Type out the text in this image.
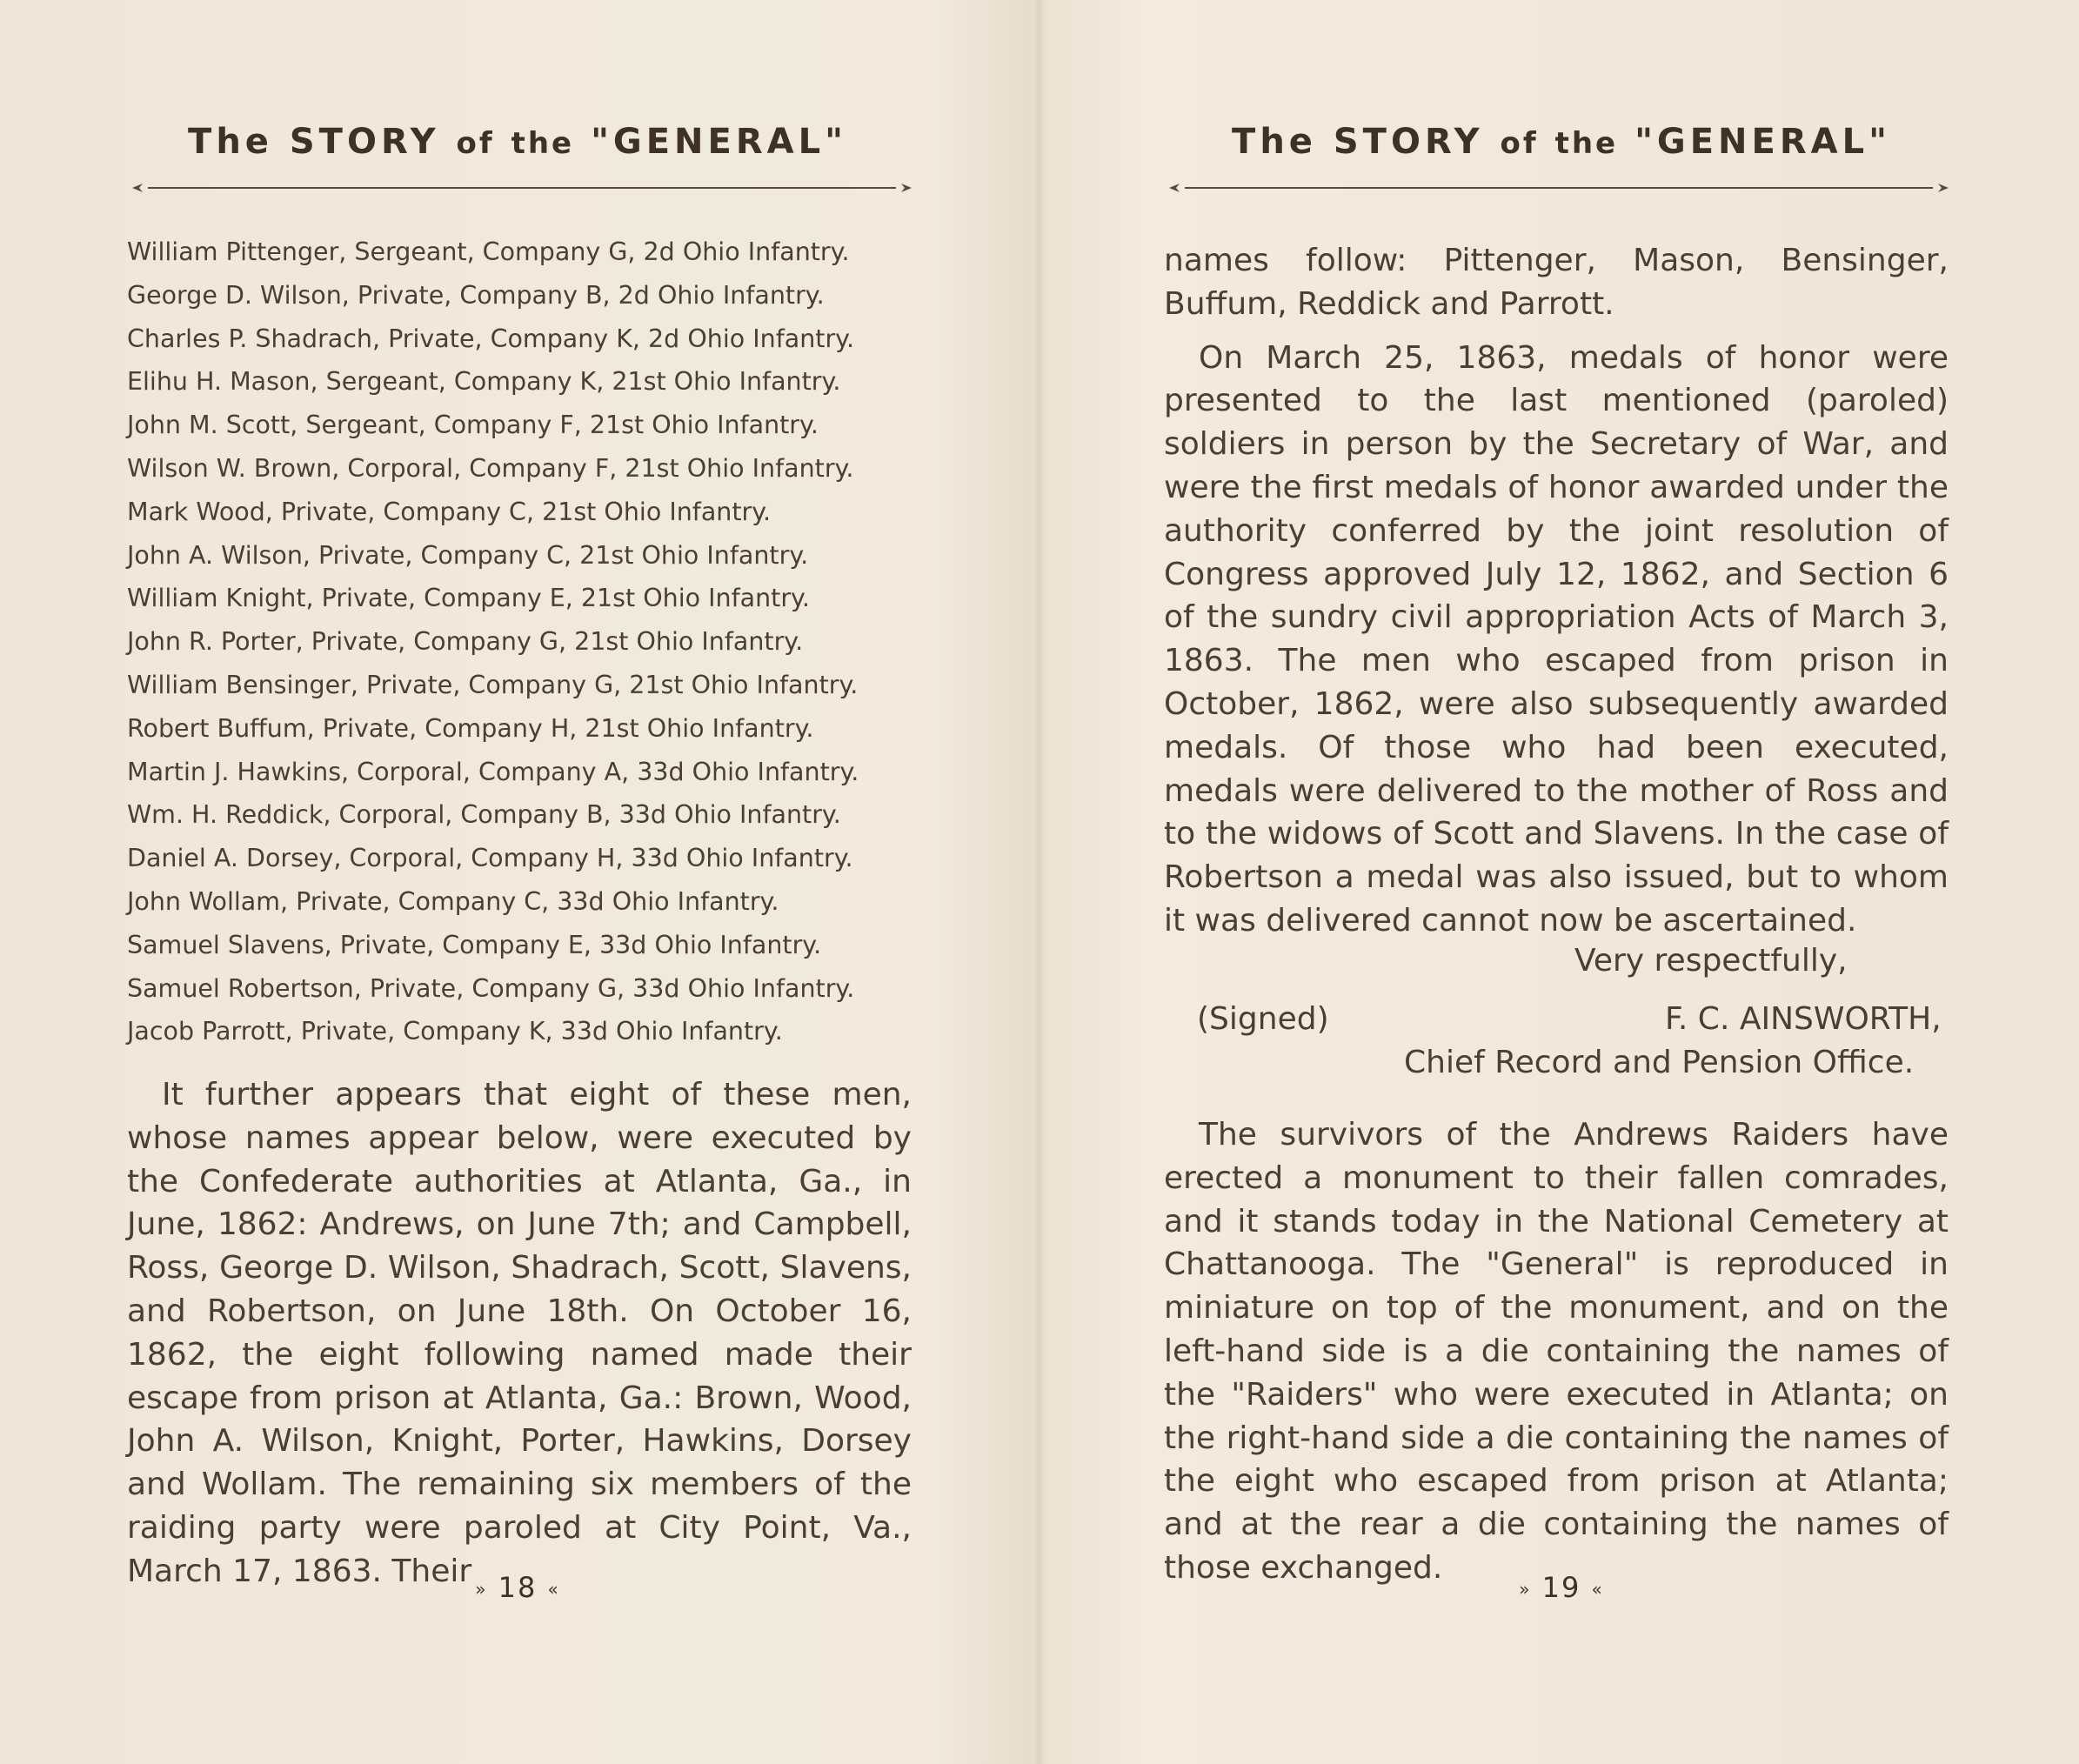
The STORY of the "GENERAL"
William Pittenger, Sergeant, Company G, 2d Ohio Infantry.
George D. Wilson, Private, Company B, 2d Ohio Infantry.
Charles P. Shadrach, Private, Company K, 2d Ohio Infantry.
Elihu H. Mason, Sergeant, Company K, 21st Ohio Infantry.
John M. Scott, Sergeant, Company F, 21st Ohio Infantry.
Wilson W. Brown, Corporal, Company F, 21st Ohio Infantry.
Mark Wood, Private, Company C, 21st Ohio Infantry.
John A. Wilson, Private, Company C, 21st Ohio Infantry.
William Knight, Private, Company E, 21st Ohio Infantry.
John R. Porter, Private, Company G, 21st Ohio Infantry.
William Bensinger, Private, Company G, 21st Ohio Infantry.
Robert Buffum, Private, Company H, 21st Ohio Infantry.
Martin J. Hawkins, Corporal, Company A, 33d Ohio Infantry.
Wm. H. Reddick, Corporal, Company B, 33d Ohio Infantry.
Daniel A. Dorsey, Corporal, Company H, 33d Ohio Infantry.
John Wollam, Private, Company C, 33d Ohio Infantry.
Samuel Slavens, Private, Company E, 33d Ohio Infantry.
Samuel Robertson, Private, Company G, 33d Ohio Infantry.
Jacob Parrott, Private, Company K, 33d Ohio Infantry.

It further appears that eight of these men, whose names appear below, were executed by the Confederate authorities at Atlanta, Ga., in June, 1862: Andrews, on June 7th; and Campbell, Ross, George D. Wilson, Shadrach, Scott, Slavens, and Robertson, on June 18th. On October 16, 1862, the eight following named made their escape from prison at Atlanta, Ga.: Brown, Wood, John A. Wilson, Knight, Porter, Hawkins, Dorsey and Wollam. The remaining six members of the raiding party were paroled at City Point, Va., March 17, 1863. Their

» 18 «
The STORY of the "GENERAL"

names follow: Pittenger, Mason, Bensinger, Buffum, Reddick and Parrott.

On March 25, 1863, medals of honor were presented to the last mentioned (paroled) soldiers in person by the Secretary of War, and were the first medals of honor awarded under the authority conferred by the joint resolution of Congress approved July 12, 1862, and Section 6 of the sundry civil appropriation Acts of March 3, 1863. The men who escaped from prison in October, 1862, were also subsequently awarded medals. Of those who had been executed, medals were delivered to the mother of Ross and to the widows of Scott and Slavens. In the case of Robertson a medal was also issued, but to whom it was delivered cannot now be ascertained.

Very respectfully,
(Signed)	F. C. AINSWORTH,
Chief Record and Pension Office.

The survivors of the Andrews Raiders have erected a monument to their fallen comrades, and it stands today in the National Cemetery at Chattanooga. The "General" is reproduced in miniature on top of the monument, and on the left-hand side is a die containing the names of the "Raiders" who were executed in Atlanta; on the right-hand side a die containing the names of the eight who escaped from prison at Atlanta; and at the rear a die containing the names of those exchanged.

» 19 «
